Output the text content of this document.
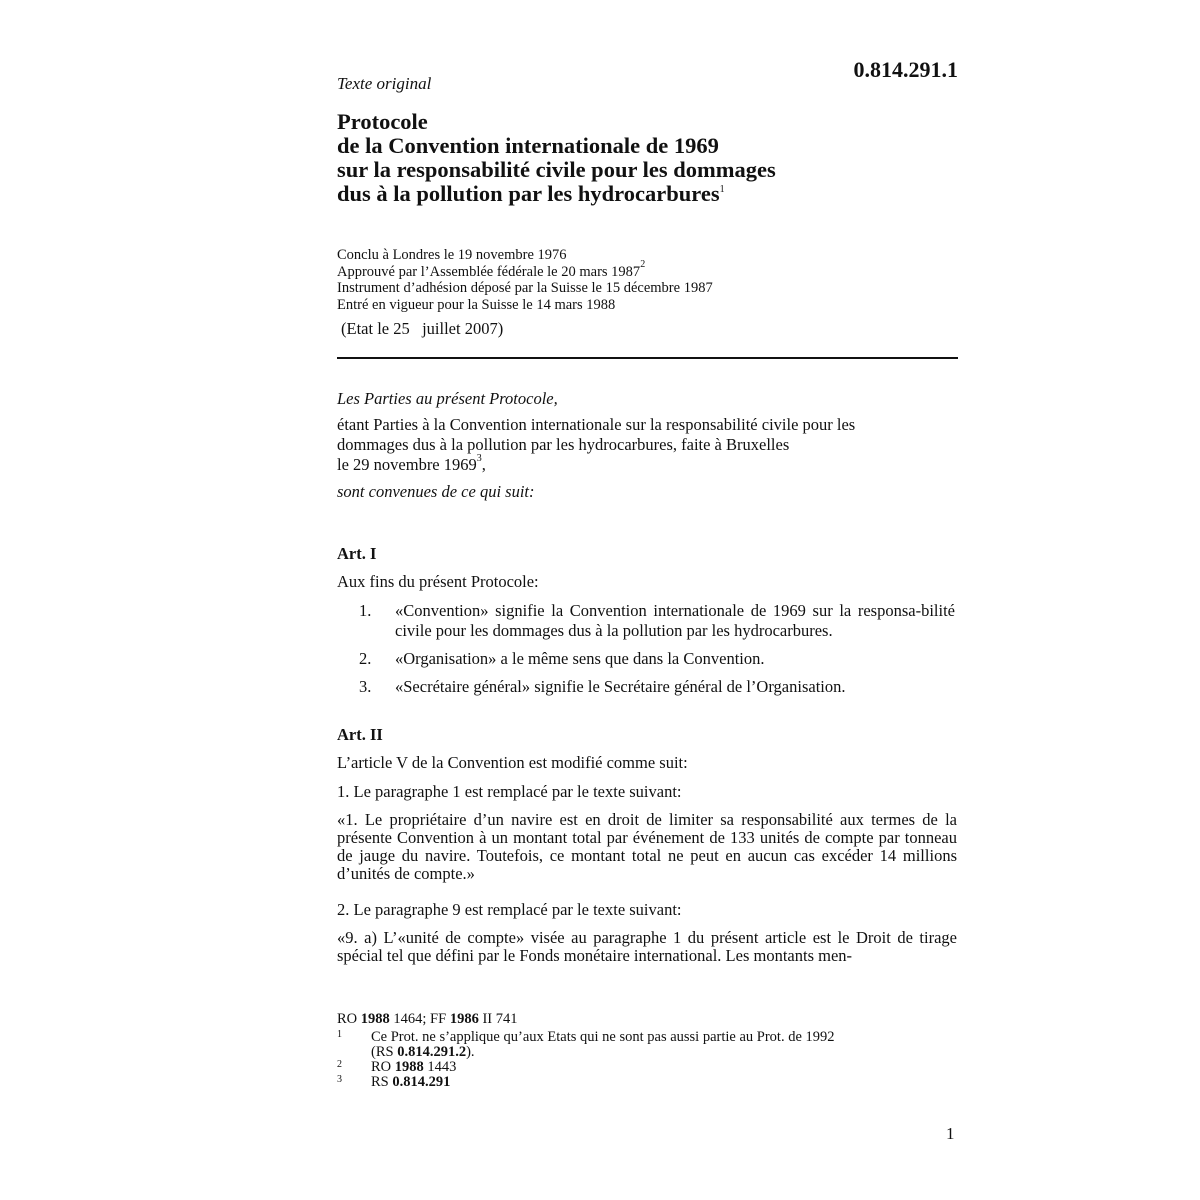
0.814.291.1
Texte original
Protocole
de la Convention internationale de 1969
sur la responsabilité civile pour les dommages
dus à la pollution par les hydrocarbures$^1$
Conclu à Londres le 19 novembre 1976
Approuvé par l’Assemblée fédérale le 20 mars 1987$^2$
Instrument d’adhésion déposé par la Suisse le 15 décembre 1987
Entré en vigueur pour la Suisse le 14 mars 1988
(Etat le 25   juillet 2007)
Les Parties au présent Protocole,
étant Parties à la Convention internationale sur la responsabilité civile pour les
dommages dus à la pollution par les hydrocarbures, faite à Bruxelles
le 29 novembre 1969$^3$,
sont convenues de ce qui suit:
Art. I
Aux fins du présent Protocole:
1. «Convention» signifie la Convention internationale de 1969 sur la responsa-bilité civile pour les dommages dus à la pollution par les hydrocarbures.
2. «Organisation» a le même sens que dans la Convention.
3. «Secrétaire général» signifie le Secrétaire général de l’Organisation.
Art. II
L’article V de la Convention est modifié comme suit:
1. Le paragraphe 1 est remplacé par le texte suivant:
«1. Le propriétaire d’un navire est en droit de limiter sa responsabilité aux termes de la présente Convention à un montant total par événement de 133 unités de compte par tonneau de jauge du navire. Toutefois, ce montant total ne peut en aucun cas excéder 14 millions d’unités de compte.»
2. Le paragraphe 9 est remplacé par le texte suivant:
«9. a) L’«unité de compte» visée au paragraphe 1 du présent article est le Droit de tirage spécial tel que défini par le Fonds monétaire international. Les montants men-
RO 1988 1464; FF 1986 II 741
1 Ce Prot. ne s’applique qu’aux Etats qui ne sont pas aussi partie au Prot. de 1992
(RS 0.814.291.2).
2 RO 1988 1443
3 RS 0.814.291
1
